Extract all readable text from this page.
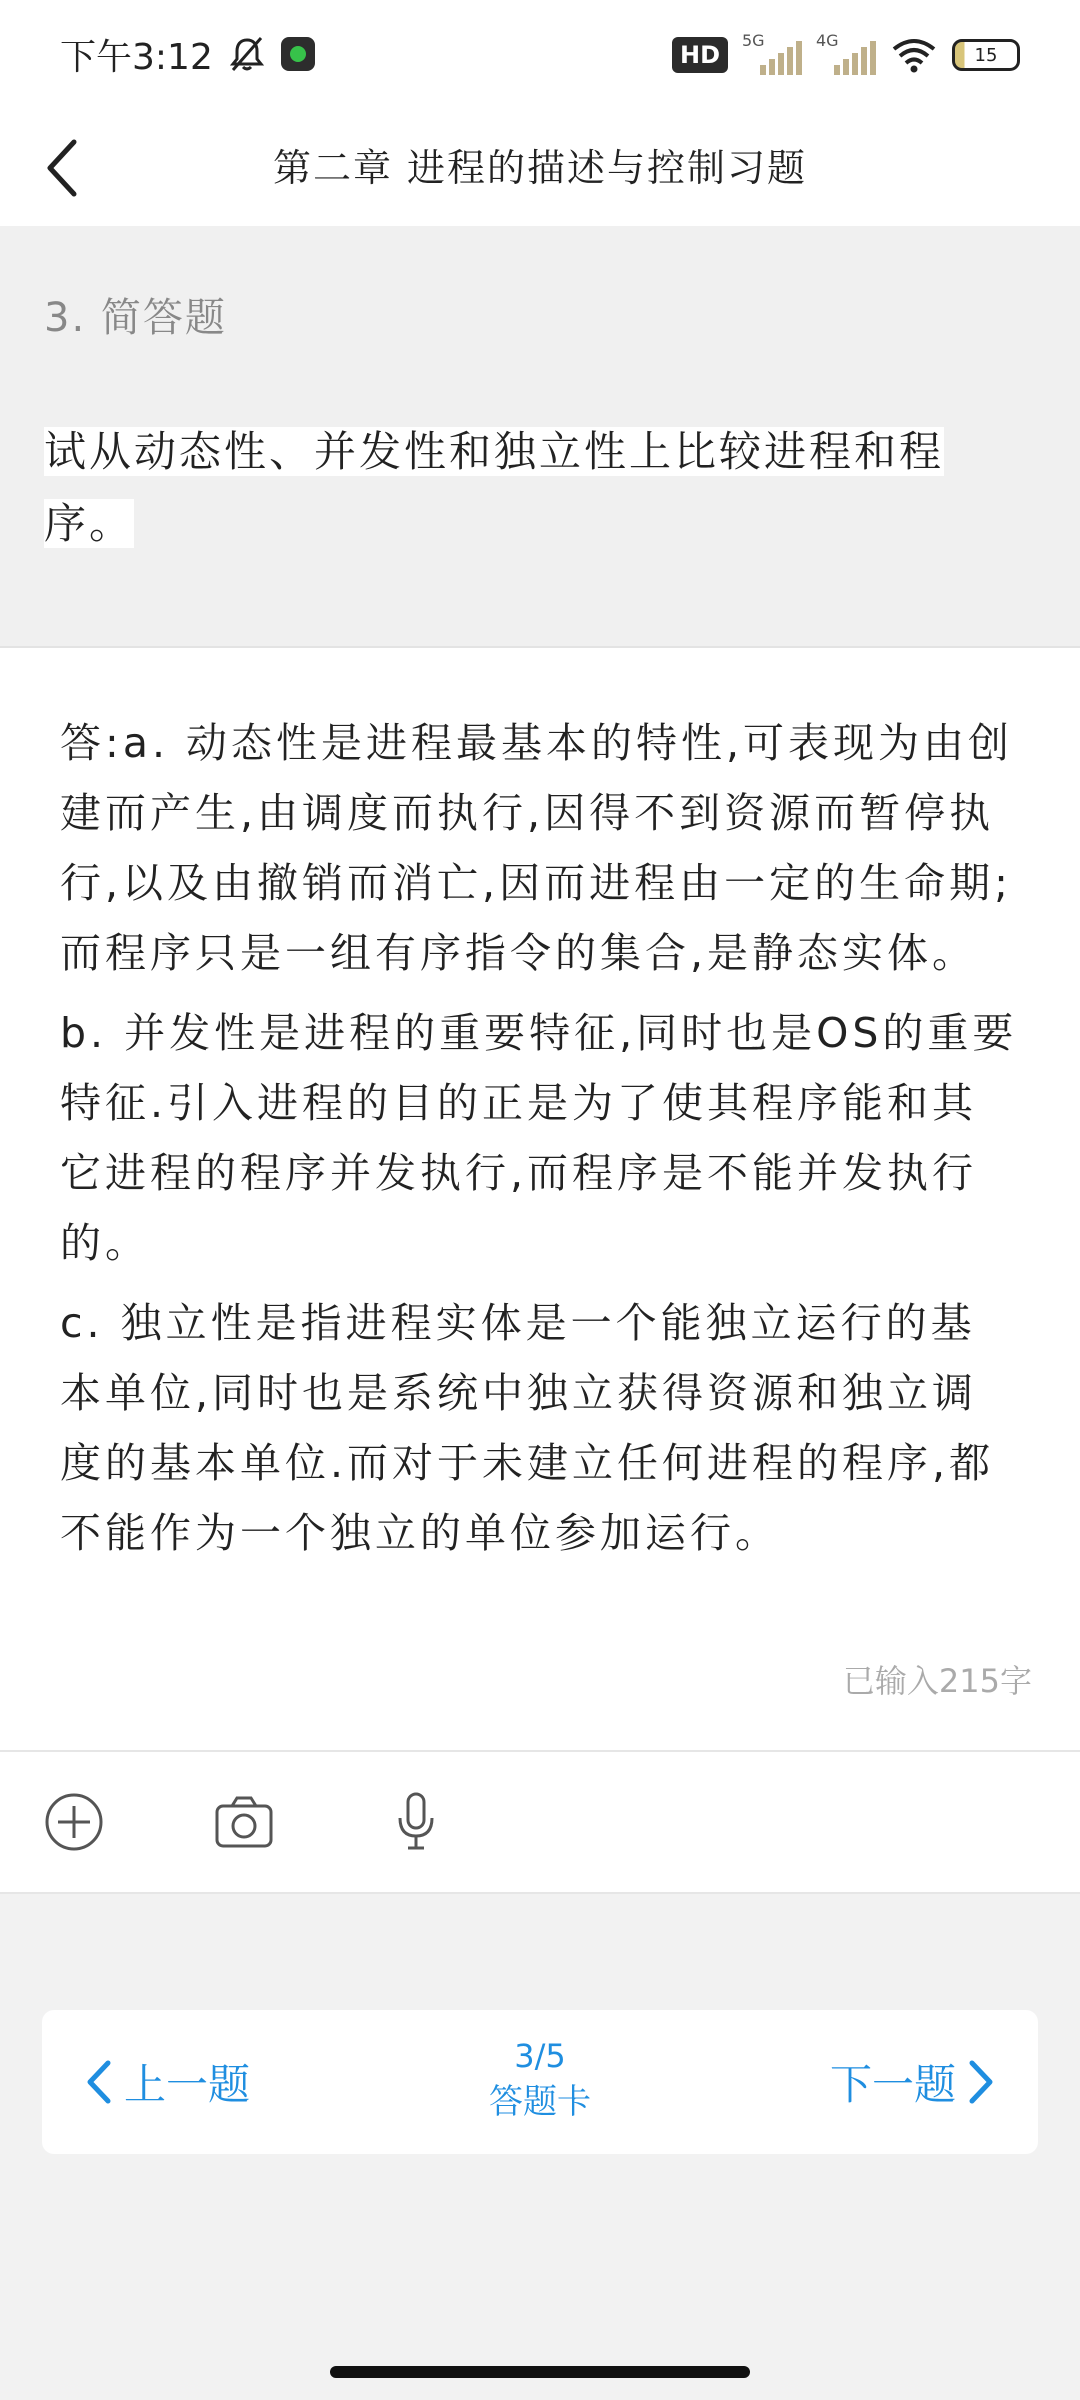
下午3:12	HD
5G	4G
15
第二章 进程的描述与控制习题
3. 简答题
试从动态性、并发性和独立性上比较进程和程序。

答:a. 动态性是进程最基本的特性,可表现为由创建而产生,由调度而执行,因得不到资源而暂停执行,以及由撤销而消亡,因而进程由一定的生命期;而程序只是一组有序指令的集合,是静态实体。

b. 并发性是进程的重要特征,同时也是OS的重要特征.引入进程的目的正是为了使其程序能和其它进程的程序并发执行,而程序是不能并发执行的。

c. 独立性是指进程实体是一个能独立运行的基本单位,同时也是系统中独立获得资源和独立调度的基本单位.而对于未建立任何进程的程序,都不能作为一个独立的单位参加运行。

已输入215字
上一题
3/5
答题卡	下一题
